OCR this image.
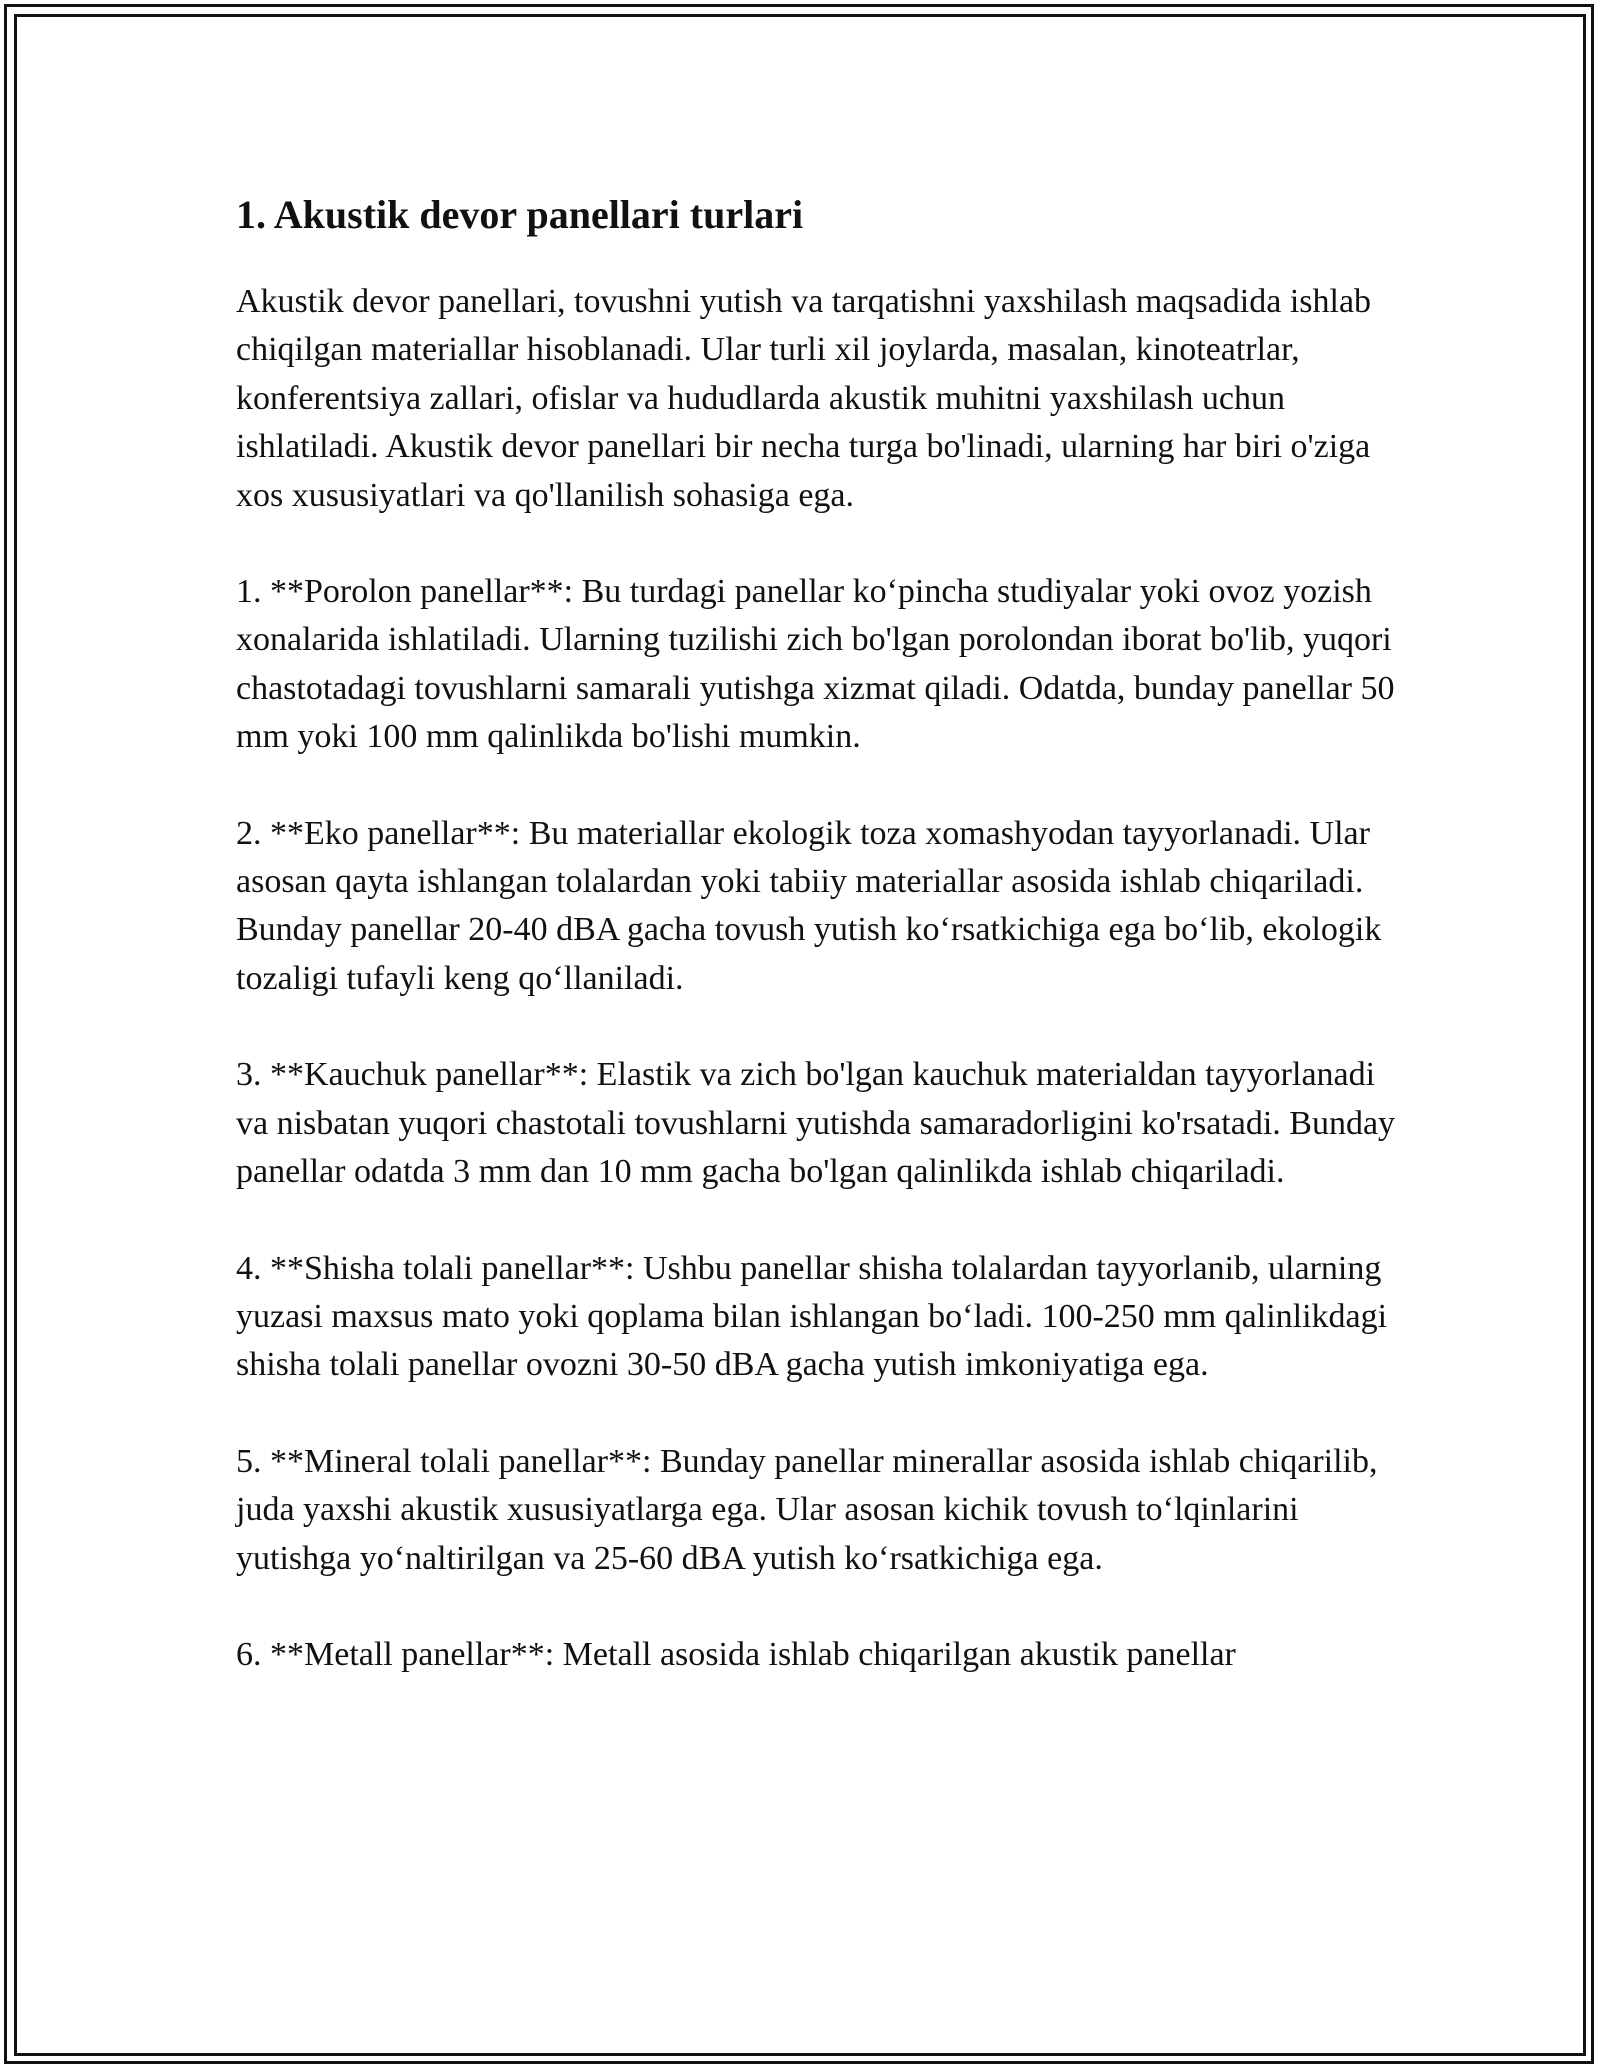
1. Akustik devor panellari turlari

Akustik devor panellari, tovushni yutish va tarqatishni yaxshilash maqsadida ishlab chiqilgan materiallar hisoblanadi. Ular turli xil joylarda, masalan, kinoteatrlar, konferentsiya zallari, ofislar va hududlarda akustik muhitni yaxshilash uchun ishlatiladi. Akustik devor panellari bir necha turga bo'linadi, ularning har biri o'ziga xos xususiyatlari va qo'llanilish sohasiga ega.

1. **Porolon panellar**: Bu turdagi panellar ko‘pincha studiyalar yoki ovoz yozish xonalarida ishlatiladi. Ularning tuzilishi zich bo'lgan porolondan iborat bo'lib, yuqori chastotadagi tovushlarni samarali yutishga xizmat qiladi. Odatda, bunday panellar 50 mm yoki 100 mm qalinlikda bo'lishi mumkin.

2. **Eko panellar**: Bu materiallar ekologik toza xomashyodan tayyorlanadi. Ular asosan qayta ishlangan tolalardan yoki tabiiy materiallar asosida ishlab chiqariladi. Bunday panellar 20-40 dBA gacha tovush yutish ko‘rsatkichiga ega bo‘lib, ekologik tozaligi tufayli keng qo‘llaniladi.

3. **Kauchuk panellar**: Elastik va zich bo'lgan kauchuk materialdan tayyorlanadi va nisbatan yuqori chastotali tovushlarni yutishda samaradorligini ko'rsatadi. Bunday panellar odatda 3 mm dan 10 mm gacha bo'lgan qalinlikda ishlab chiqariladi.

4. **Shisha tolali panellar**: Ushbu panellar shisha tolalardan tayyorlanib, ularning yuzasi maxsus mato yoki qoplama bilan ishlangan bo‘ladi. 100-250 mm qalinlikdagi shisha tolali panellar ovozni 30-50 dBA gacha yutish imkoniyatiga ega.

5. **Mineral tolali panellar**: Bunday panellar minerallar asosida ishlab chiqarilib, juda yaxshi akustik xususiyatlarga ega. Ular asosan kichik tovush to‘lqinlarini yutishga yo‘naltirilgan va 25-60 dBA yutish ko‘rsatkichiga ega.

6. **Metall panellar**: Metall asosida ishlab chiqarilgan akustik panellar
